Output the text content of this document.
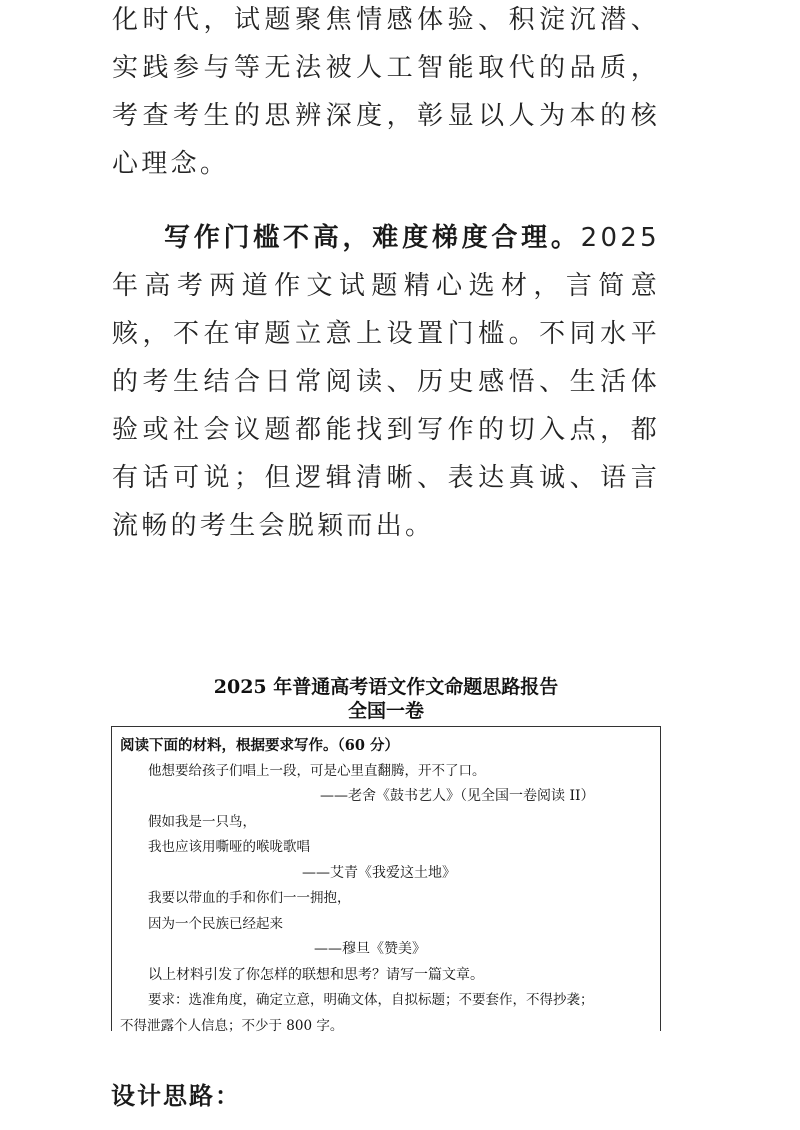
化时代，试题聚焦情感体验、积淀沉潜、实践参与等无法被人工智能取代的品质，考查考生的思辨深度，彰显以人为本的核心理念。

写作门槛不高，难度梯度合理。2025年高考两道作文试题精心选材，言简意赅，不在审题立意上设置门槛。不同水平的考生结合日常阅读、历史感悟、生活体验或社会议题都能找到写作的切入点，都有话可说；但逻辑清晰、表达真诚、语言流畅的考生会脱颖而出。

2025 年普通高考语文作文命题思路报告

全国一卷

阅读下面的材料，根据要求写作。（60 分）
他想要给孩子们唱上一段，可是心里直翻腾，开不了口。
——老舍《鼓书艺人》（见全国一卷阅读 II）
假如我是一只鸟，
我也应该用嘶哑的喉咙歌唱
——艾青《我爱这土地》
我要以带血的手和你们一一拥抱，
因为一个民族已经起来
——穆旦《赞美》
以上材料引发了你怎样的联想和思考？请写一篇文章。
要求：选准角度，确定立意，明确文体，自拟标题；不要套作，不得抄袭；
不得泄露个人信息；不少于 800 字。

设计思路：
